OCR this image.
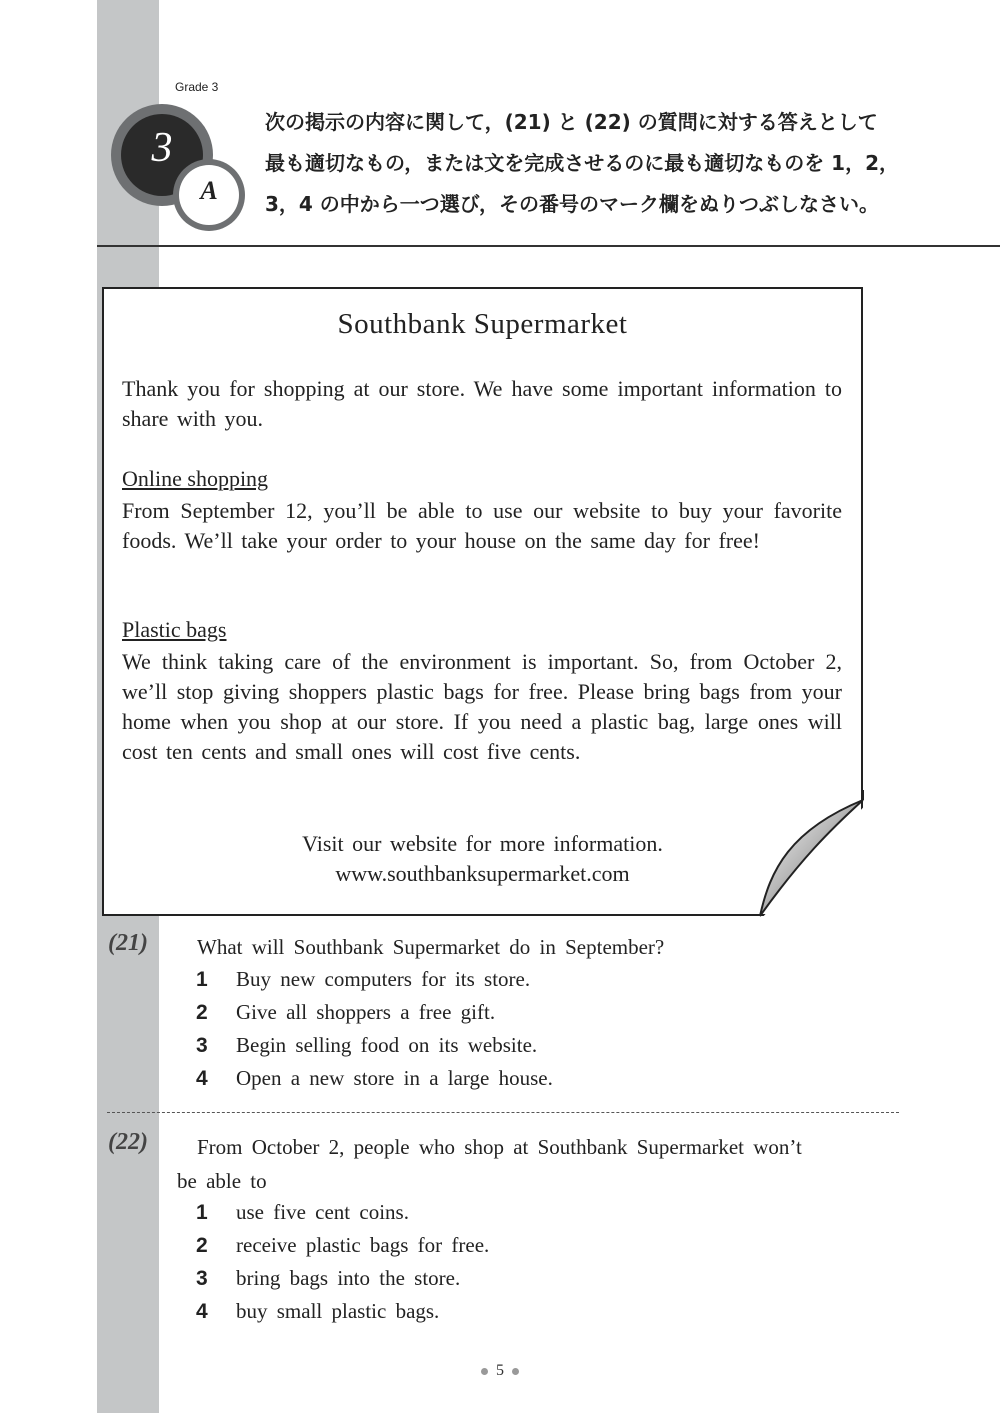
Grade 3
3
A
次の掲示の内容に関して，(21) と (22) の質問に対する答えとして
最も適切なもの，または文を完成させるのに最も適切なものを 1，2，
3，4 の中から一つ選び，その番号のマーク欄をぬりつぶしなさい。
Southbank Supermarket
Thank you for shopping at our store. We have some important information to share with you.
Online shopping
From September 12, you’ll be able to use our website to buy your favorite foods. We’ll take your order to your house on the same day for free!
Plastic bags
We think taking care of the environment is important. So, from October 2, we’ll stop giving shoppers plastic bags for free. Please bring bags from your home when you shop at our store. If you need a plastic bag, large ones will cost ten cents and small ones will cost five cents.
Visit our website for more information.
www.southbanksupermarket.com
(21) What will Southbank Supermarket do in September?
1 Buy new computers for its store.
2 Give all shoppers a free gift.
3 Begin selling food on its website.
4 Open a new store in a large house.
(22) From October 2, people who shop at Southbank Supermarket won’t
be able to
1 use five cent coins.
2 receive plastic bags for free.
3 bring bags into the store.
4 buy small plastic bags.
5
